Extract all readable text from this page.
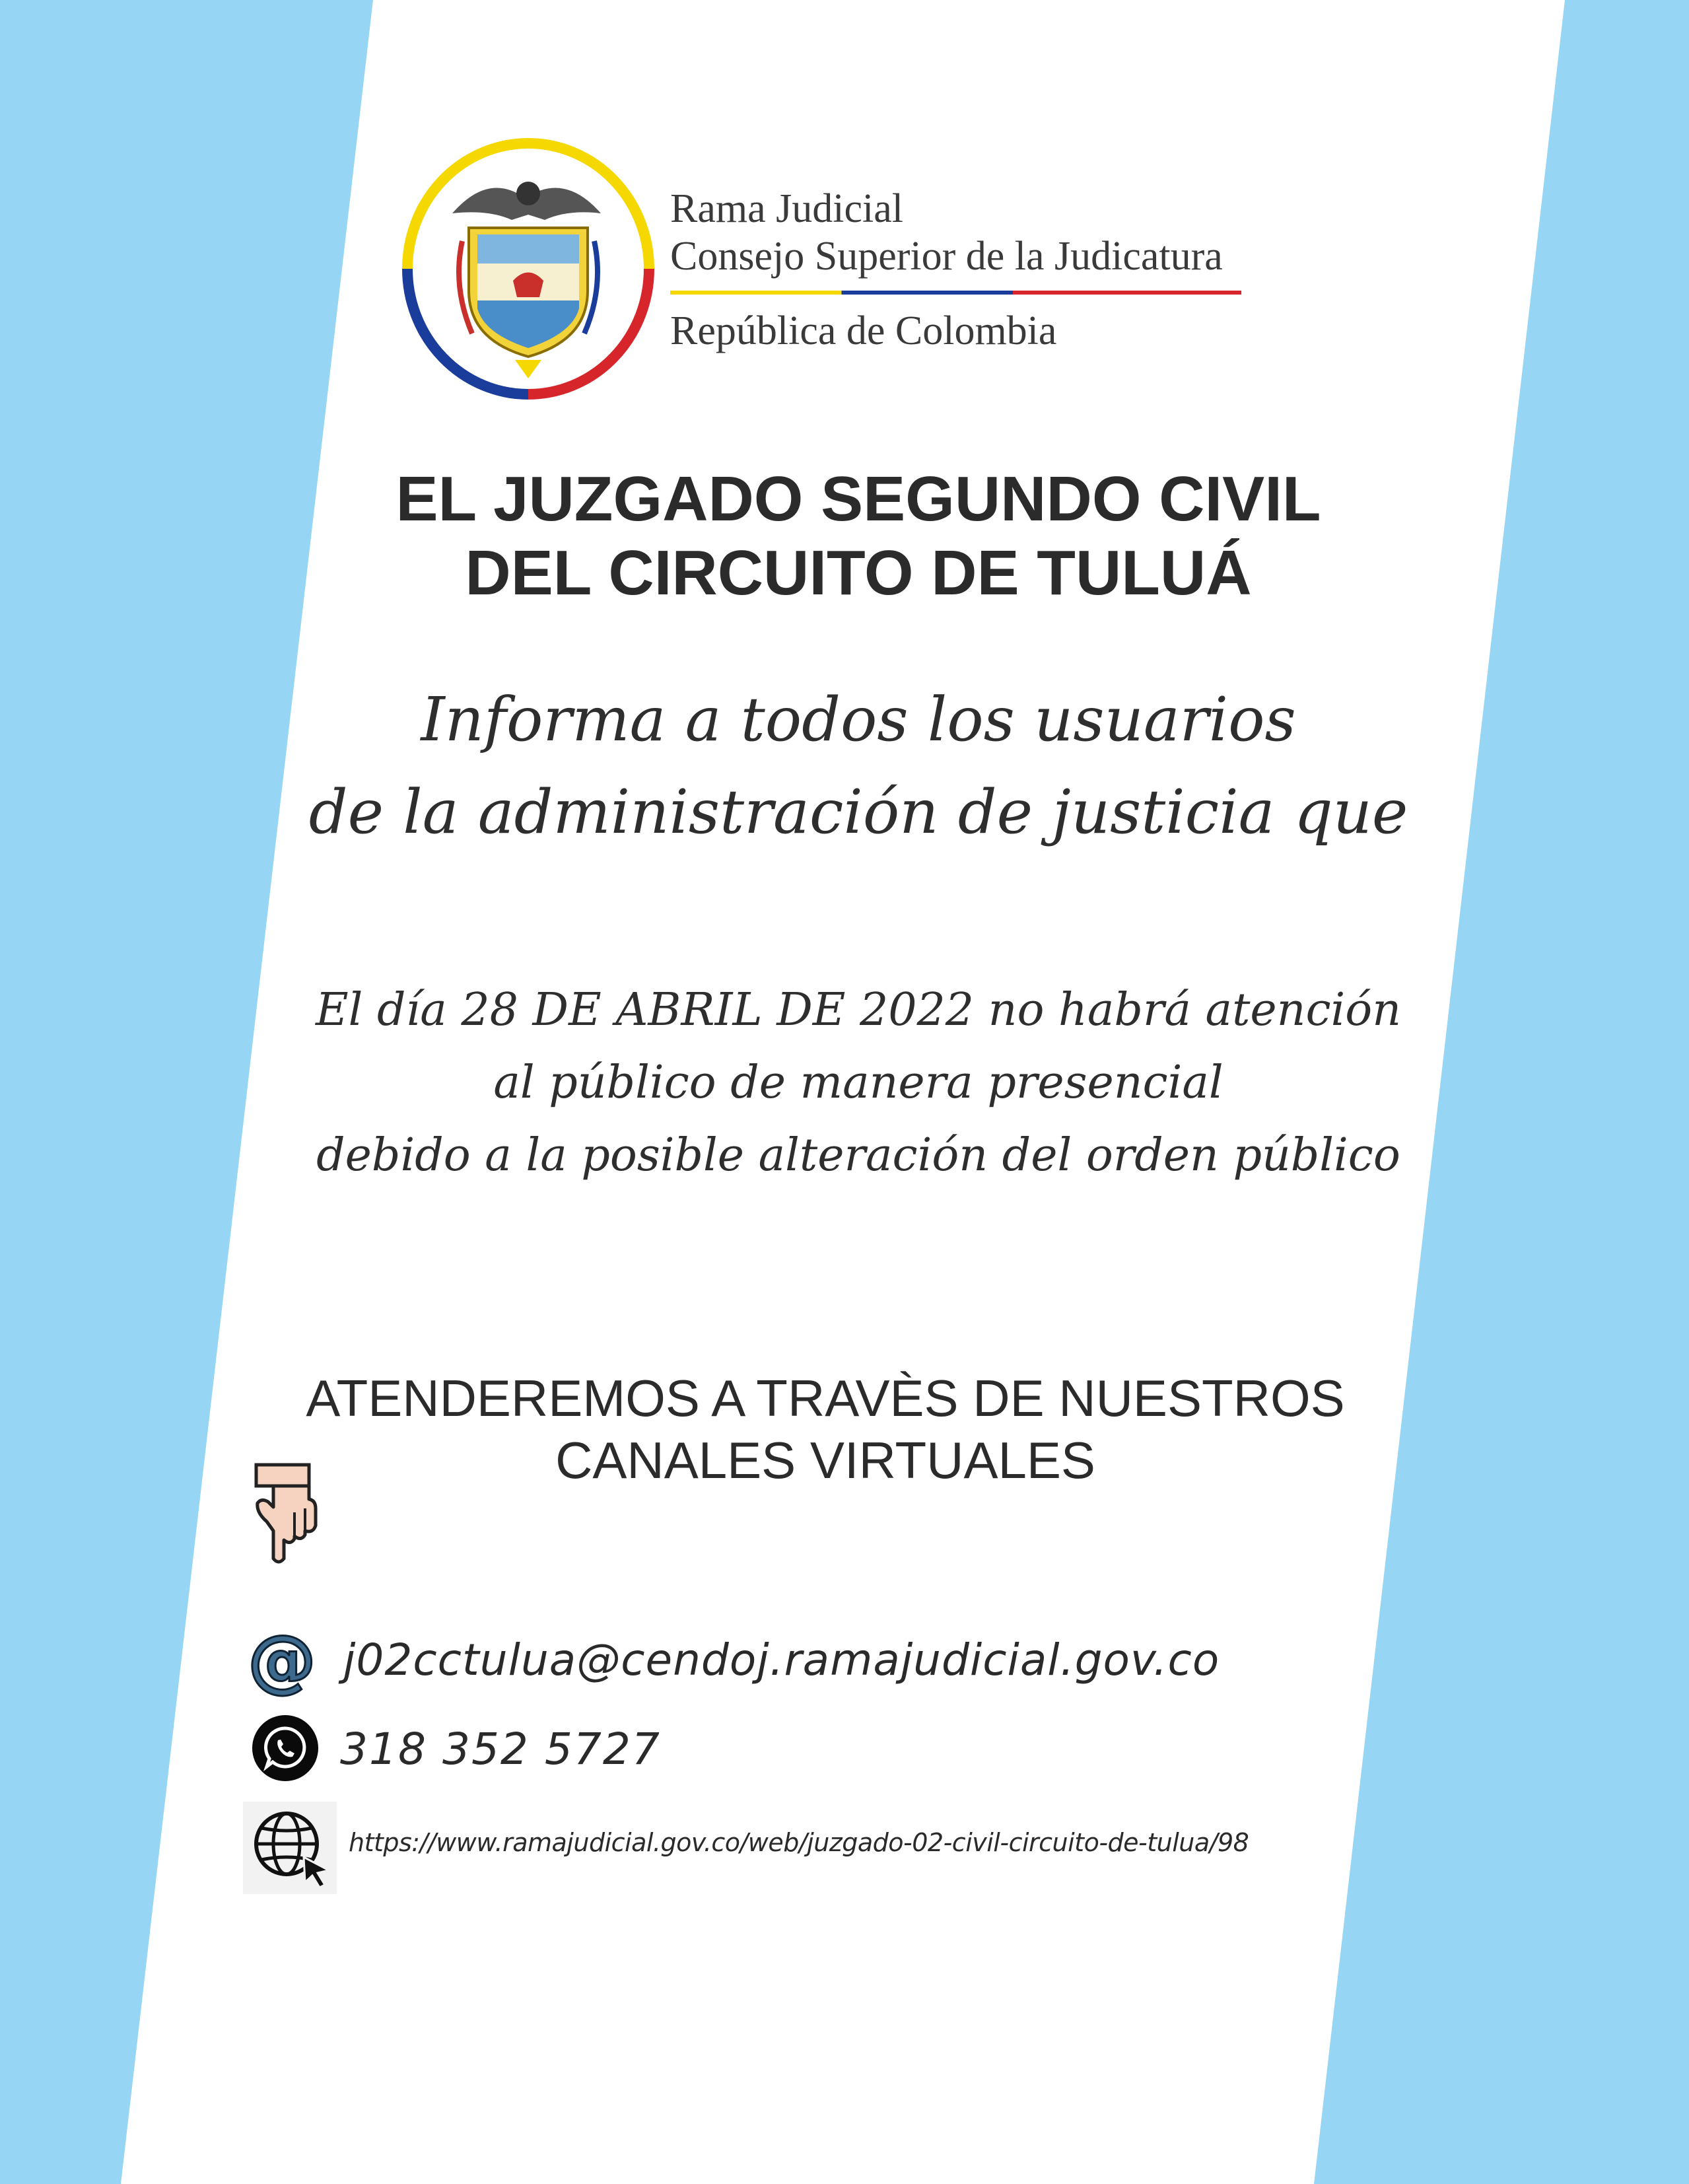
Rama Judicial
Consejo Superior de la Judicatura
República de Colombia
EL JUZGADO SEGUNDO CIVIL
DEL CIRCUITO DE TULUÁ
Informa a todos los usuarios
de la administración de justicia que
El día 28 DE ABRIL DE 2022 no habrá atención
al público de manera presencial
debido a la posible alteración del orden público
ATENDEREMOS A TRAVÈS DE NUESTROS
CANALES VIRTUALES
@ j02cctulua@cendoj.ramajudicial.gov.co
318 352 5727
https://www.ramajudicial.gov.co/web/juzgado-02-civil-circuito-de-tulua/98
